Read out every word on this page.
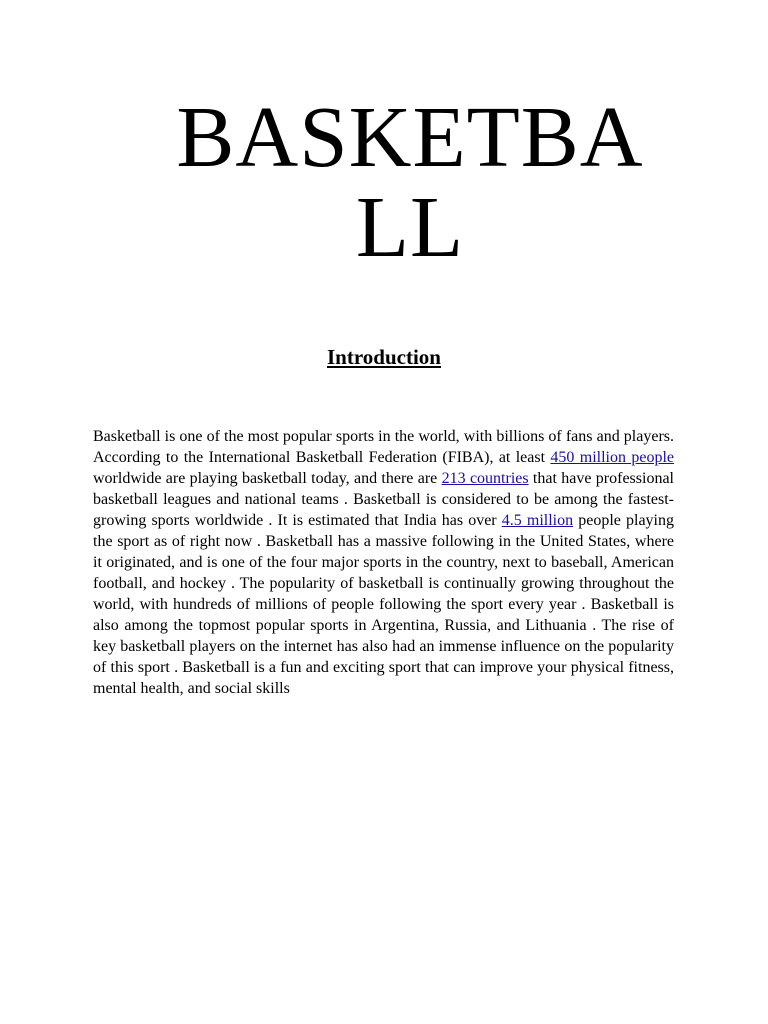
BASKETBALL
Introduction

Basketball is one of the most popular sports in the world, with billions of fans and players. According to the International Basketball Federation (FIBA), at least 450 million people worldwide are playing basketball today, and there are 213 countries that have professional basketball leagues and national teams . Basketball is considered to be among the fastest-growing sports worldwide . It is estimated that India has over 4.5 million people playing the sport as of right now . Basketball has a massive following in the United States, where it originated, and is one of the four major sports in the country, next to baseball, American football, and hockey . The popularity of basketball is continually growing throughout the world, with hundreds of millions of people following the sport every year . Basketball is also among the topmost popular sports in Argentina, Russia, and Lithuania . The rise of key basketball players on the internet has also had an immense influence on the popularity of this sport . Basketball is a fun and exciting sport that can improve your physical fitness, mental health, and social skills
